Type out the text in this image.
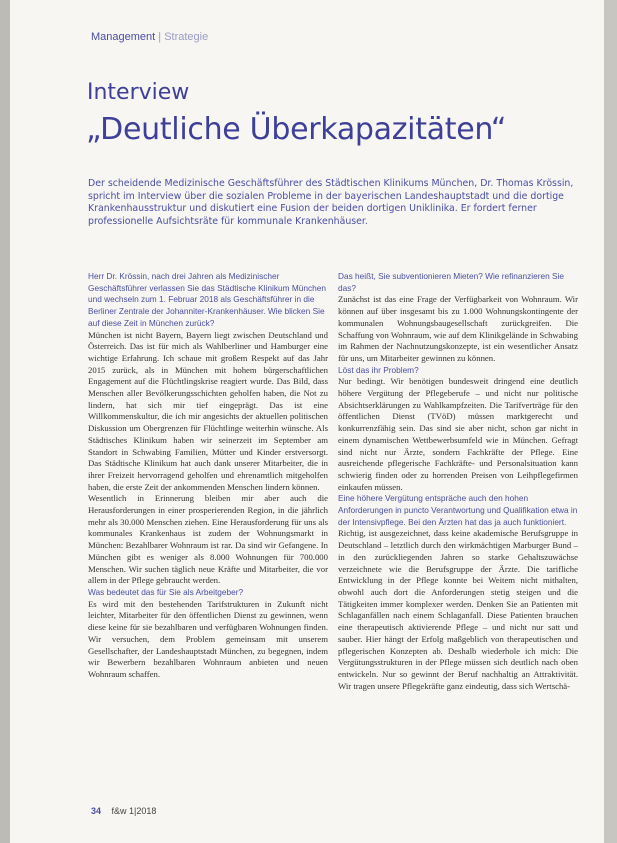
Management | Strategie
Interview
„Deutliche Überkapazitäten“
Der scheidende Medizinische Geschäftsführer des Städtischen Klinikums München, Dr. Thomas Krössin, spricht im Interview über die sozialen Probleme in der bayerischen Landeshauptstadt und die dortige Krankenhausstruktur und diskutiert eine Fusion der beiden dortigen Uniklinika. Er fordert ferner professionelle Aufsichtsräte für kommunale Krankenhäuser.

Herr Dr. Krössin, nach drei Jahren als Medizinischer Geschäftsführer verlassen Sie das Städtische Klinikum München und wechseln zum 1. Februar 2018 als Geschäftsführer in die Berliner Zentrale der Johanniter-Krankenhäuser. Wie blicken Sie auf diese Zeit in München zurück?

München ist nicht Bayern, Bayern liegt zwischen Deutschland und Österreich. Das ist für mich als Wahlberliner und Hamburger eine wichtige Erfahrung. Ich schaue mit großem Respekt auf das Jahr 2015 zurück, als in München mit hohem bürgerschaftlichen Engagement auf die Flüchtlingskrise reagiert wurde. Das Bild, dass Menschen aller Bevölkerungsschichten geholfen haben, die Not zu lindern, hat sich mir tief eingeprägt. Das ist eine Willkommenskultur, die ich mir angesichts der aktuellen politischen Diskussion um Obergrenzen für Flüchtlinge weiterhin wünsche. Als Städtisches Klinikum haben wir seinerzeit im September am Standort in Schwabing Familien, Mütter und Kinder erstversorgt. Das Städtische Klinikum hat auch dank unserer Mitarbeiter, die in ihrer Freizeit hervorragend geholfen und ehrenamtlich mitgeholfen haben, die erste Zeit der ankommenden Menschen lindern können.

Wesentlich in Erinnerung bleiben mir aber auch die Herausforderungen in einer prosperierenden Region, in die jährlich mehr als 30.000 Menschen ziehen. Eine Herausforderung für uns als kommunales Krankenhaus ist zudem der Wohnungsmarkt in München: Bezahlbarer Wohnraum ist rar. Da sind wir Gefangene. In München gibt es weniger als 8.000 Wohnungen für 700.000 Menschen. Wir suchen täglich neue Kräfte und Mitarbeiter, die vor allem in der Pflege gebraucht werden.

Was bedeutet das für Sie als Arbeitgeber?

Es wird mit den bestehenden Tarifstrukturen in Zukunft nicht leichter, Mitarbeiter für den öffentlichen Dienst zu gewinnen, wenn diese keine für sie bezahlbaren und verfügbaren Wohnungen finden. Wir versuchen, dem Problem gemeinsam mit unserem Gesellschafter, der Landeshauptstadt München, zu begegnen, indem wir Bewerbern bezahlbaren Wohnraum anbieten und neuen Wohnraum schaffen.

Das heißt, Sie subventionieren Mieten? Wie refinanzieren Sie das?

Zunächst ist das eine Frage der Verfügbarkeit von Wohnraum. Wir können auf über insgesamt bis zu 1.000 Wohnungskontingente der kommunalen Wohnungsbaugesellschaft zurückgreifen. Die Schaffung von Wohnraum, wie auf dem Klinikgelände in Schwabing im Rahmen der Nachnutzungskonzepte, ist ein wesentlicher Ansatz für uns, um Mitarbeiter gewinnen zu können.

Löst das ihr Problem?

Nur bedingt. Wir benötigen bundesweit dringend eine deutlich höhere Vergütung der Pflegeberufe – und nicht nur politische Absichtserklärungen zu Wahlkampfzeiten. Die Tarifverträge für den öffentlichen Dienst (TVöD) müssen marktgerecht und konkurrenzfähig sein. Das sind sie aber nicht, schon gar nicht in einem dynamischen Wettbewerbsumfeld wie in München. Gefragt sind nicht nur Ärzte, sondern Fachkräfte der Pflege. Eine ausreichende pflegerische Fachkräfte- und Personalsituation kann schwierig finden oder zu horrenden Preisen von Leihpflegefirmen einkaufen müssen.

Eine höhere Vergütung entspräche auch den hohen Anforderungen in puncto Verantwortung und Qualifikation etwa in der Intensivpflege. Bei den Ärzten hat das ja auch funktioniert.

Richtig, ist ausgezeichnet, dass keine akademische Berufsgruppe in Deutschland – letztlich durch den wirkmächtigen Marburger Bund – in den zurückliegenden Jahren so starke Gehaltszuwächse verzeichnete wie die Berufsgruppe der Ärzte. Die tarifliche Entwicklung in der Pflege konnte bei Weitem nicht mithalten, obwohl auch dort die Anforderungen stetig steigen und die Tätigkeiten immer komplexer werden. Denken Sie an Patienten mit Schlaganfällen nach einem Schlaganfall. Diese Patienten brauchen eine therapeutisch aktivierende Pflege – und nicht nur satt und sauber. Hier hängt der Erfolg maßgeblich von therapeutischen und pflegerischen Konzepten ab. Deshalb wiederhole ich mich: Die Vergütungsstrukturen in der Pflege müssen sich deutlich nach oben entwickeln. Nur so gewinnt der Beruf nachhaltig an Attraktivität. Wir tragen unsere Pflegekräfte ganz eindeutig, dass sich Wertschä-

34 f&w 1|2018
